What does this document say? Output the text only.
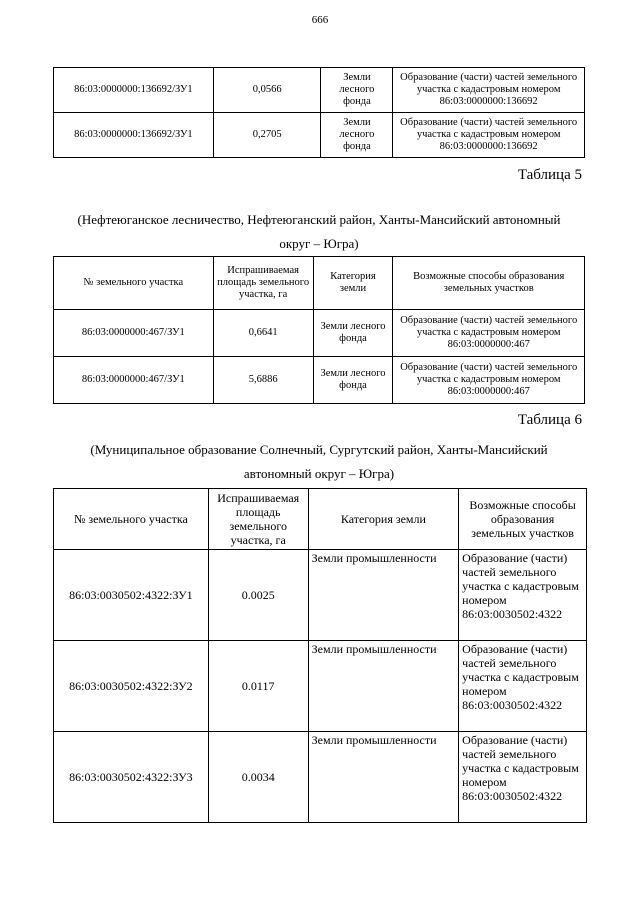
666
86:03:0000000:136692/ЗУ1	0,0566	Земли лесного фонда	Образование (части) частей земельного участка с кадастровым номером 86:03:0000000:136692
86:03:0000000:136692/ЗУ1	0,2705	Земли лесного фонда	Образование (части) частей земельного участка с кадастровым номером 86:03:0000000:136692
Таблица 5
(Нефтеюганское лесничество, Нефтеюганский район, Ханты-Мансийский автономный
округ – Югра)
№ земельного участка	Испрашиваемая площадь земельного участка, га	Категория земли	Возможные способы образования земельных участков
86:03:0000000:467/ЗУ1	0,6641	Земли лесного фонда	Образование (части) частей земельного участка с кадастровым номером 86:03:0000000:467
86:03:0000000:467/ЗУ1	5,6886	Земли лесного фонда	Образование (части) частей земельного участка с кадастровым номером 86:03:0000000:467
Таблица 6
(Муниципальное образование Солнечный, Сургутский район, Ханты-Мансийский
автономный округ – Югра)
№ земельного участка	Испрашиваемая площадь земельного участка, га	Категория земли	Возможные способы образования земельных участков
86:03:0030502:4322:ЗУ1	0.0025	Земли промышленности	Образование (части) частей земельного участка с кадастровым номером 86:03:0030502:4322
86:03:0030502:4322:ЗУ2	0.0117	Земли промышленности	Образование (части) частей земельного участка с кадастровым номером 86:03:0030502:4322
86:03:0030502:4322:ЗУ3	0.0034	Земли промышленности	Образование (части) частей земельного участка с кадастровым номером 86:03:0030502:4322
